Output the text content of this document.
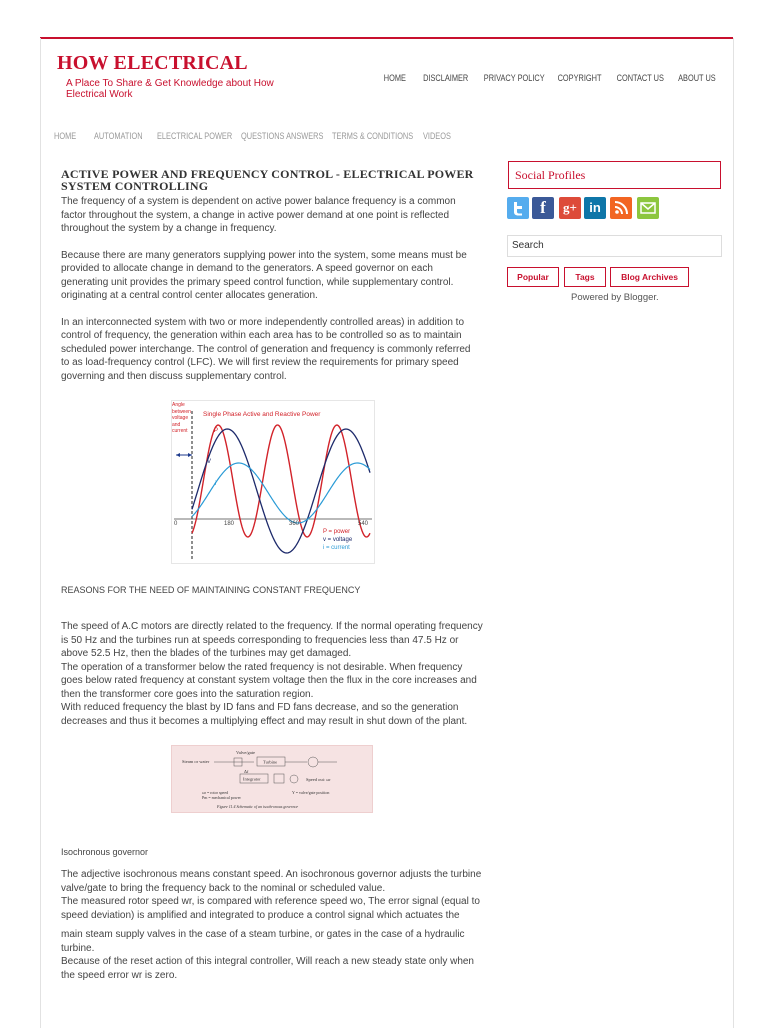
HOW ELECTRICAL
A Place To Share & Get Knowledge about How Electrical Work
HOME DISCLAIMER PRIVACY POLICY COPYRIGHT CONTACT US ABOUT US
HOME AUTOMATION ELECTRICAL POWER QUESTIONS ANSWERS TERMS & CONDITIONS VIDEOS
ACTIVE POWER AND FREQUENCY CONTROL - ELECTRICAL POWER SYSTEM CONTROLLING

The frequency of a system is dependent on active power balance frequency is a common factor throughout the system, a change in active power demand at one point is reflected throughout the system by a change in frequency.

Because there are many generators supplying power into the system, some means must be provided to allocate change in demand to the generators. A speed governor on each generating unit provides the primary speed control function, while supplementary control. originating at a central control center allocates generation.

In an interconnected system with two or more independently controlled areas) in addition to control of frequency, the generation within each area has to be controlled so as to maintain scheduled power interchange. The control of generation and frequency is commonly referred to as load-frequency control (LFC). We will first review the requirements for primary speed governing and then discuss supplementary control.

Single Phase Active and Reactive Power
Angle between voltage and current	P
V
i
0	180	360	540
P = power
v = voltage
i = current

REASONS FOR THE NEED OF MAINTAINING CONSTANT FREQUENCY

The speed of A.C motors are directly related to the frequency. If the normal operating frequency is 50 Hz and the turbines run at speeds corresponding to frequencies less than 47.5 Hz or above 52.5 Hz, then the blades of the turbines may get damaged.

The operation of a transformer below the rated frequency is not desirable. When frequency goes below rated frequency at constant system voltage then the flux in the core increases and then the transformer core goes into the saturation region.

With reduced frequency the blast by ID fans and FD fans decrease, and so the generation decreases and thus it becomes a multiplying effect and may result in shut down of the plant.

Valve/gate
Steam or water	Turbine
Integrator
Δf
Speed out: ωr
ωr = rotor speed
Pm = mechanical power
Y = valve/gate position
Figure 11.4 Schematic of an isochronous governor

Isochronous governor

The adjective isochronous means constant speed. An isochronous governor adjusts the turbine valve/gate to bring the frequency back to the nominal or scheduled value.

The measured rotor speed wr, is compared with reference speed wo, The error signal (equal to speed deviation) is amplified and integrated to produce a control signal which actuates the

main steam supply valves in the case of a steam turbine, or gates in the case of a hydraulic turbine.

Because of the reset action of this integral controller, Will reach a new steady state only when the speed error wr is zero.

Social Profiles
f	g+ in
Search
Popular	Tags	Blog Archives
Powered by Blogger.
